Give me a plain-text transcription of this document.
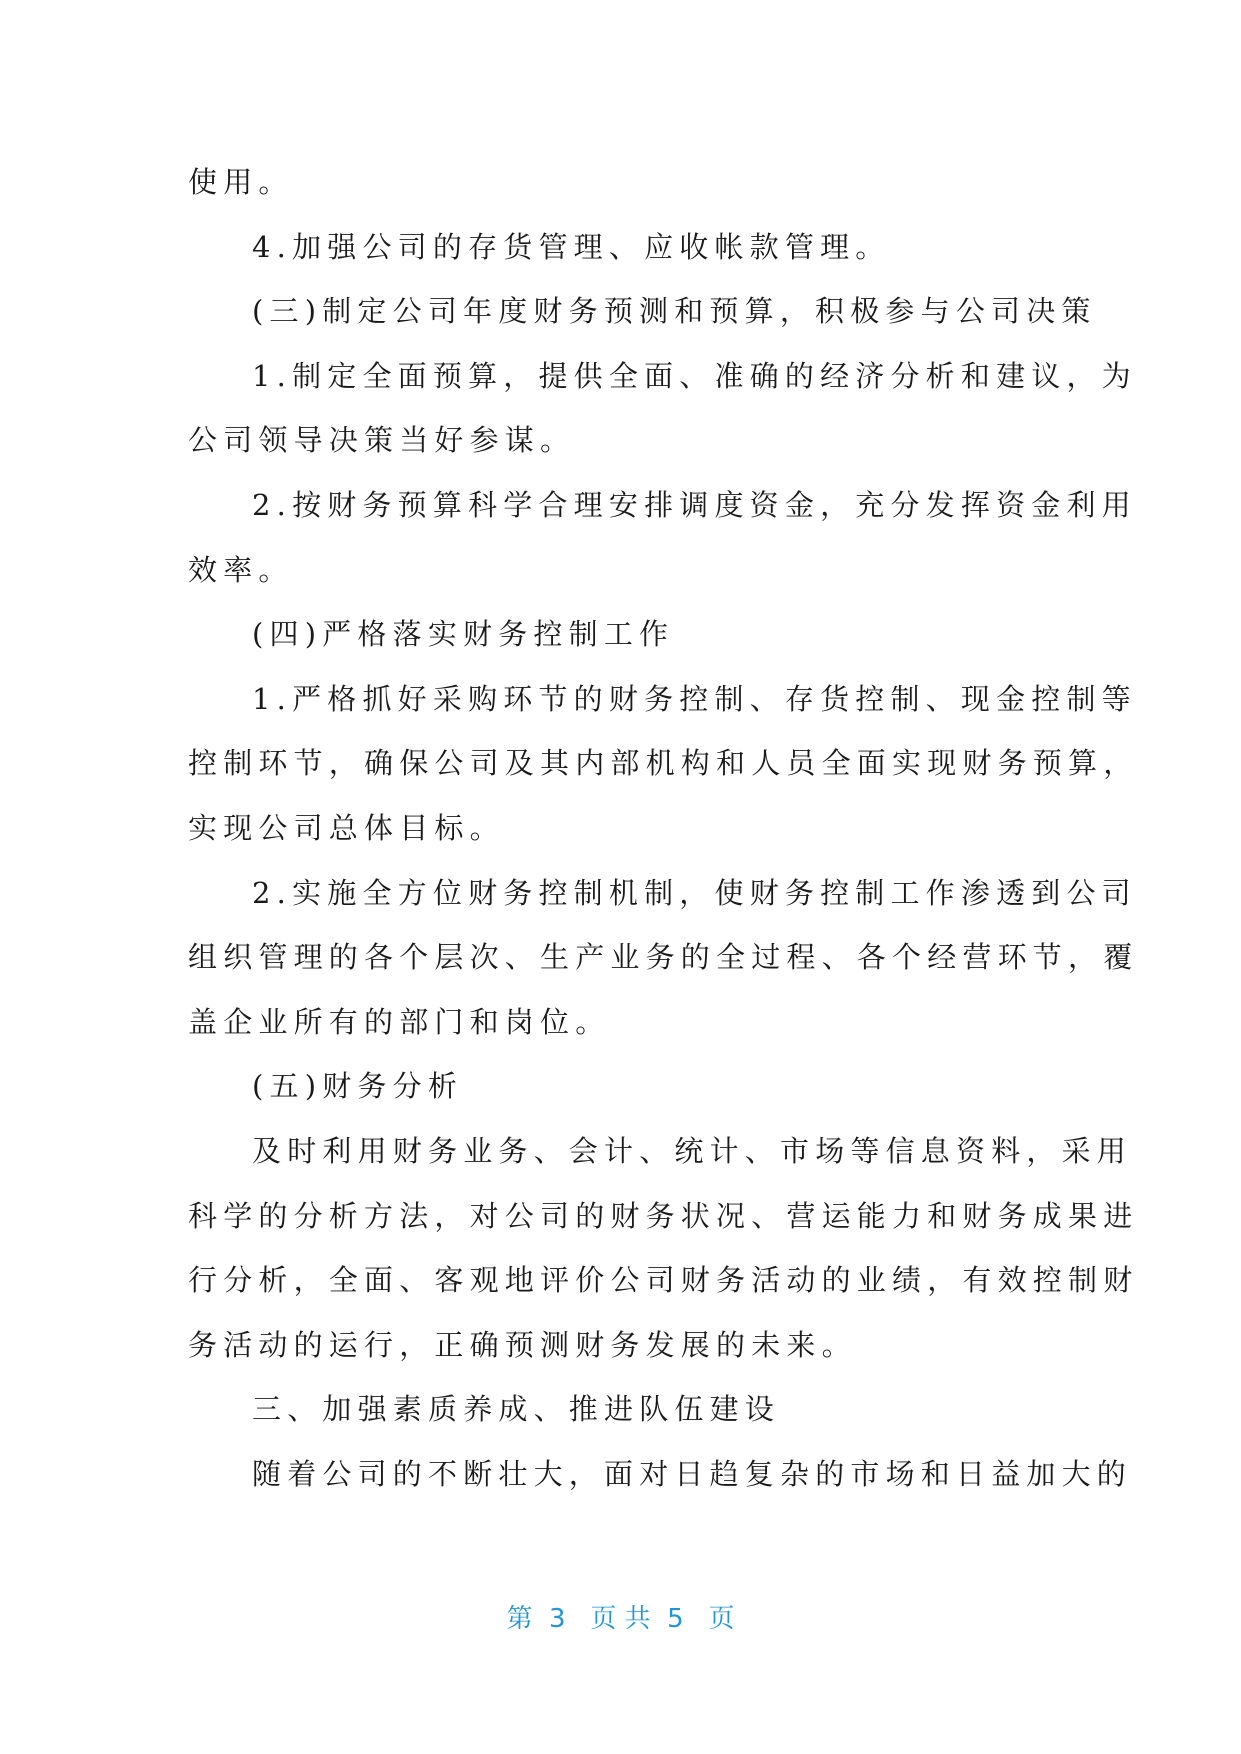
使用。
4.加强公司的存货管理、应收帐款管理。
(三)制定公司年度财务预测和预算，积极参与公司决策
1.制定全面预算，提供全面、准确的经济分析和建议，为
公司领导决策当好参谋。
2.按财务预算科学合理安排调度资金，充分发挥资金利用
效率。
(四)严格落实财务控制工作
1.严格抓好采购环节的财务控制、存货控制、现金控制等
控制环节，确保公司及其内部机构和人员全面实现财务预算，
实现公司总体目标。
2.实施全方位财务控制机制，使财务控制工作渗透到公司
组织管理的各个层次、生产业务的全过程、各个经营环节，覆
盖企业所有的部门和岗位。
(五)财务分析
及时利用财务业务、会计、统计、市场等信息资料，采用
科学的分析方法，对公司的财务状况、营运能力和财务成果进
行分析，全面、客观地评价公司财务活动的业绩，有效控制财
务活动的运行，正确预测财务发展的未来。
三、加强素质养成、推进队伍建设
随着公司的不断壮大，面对日趋复杂的市场和日益加大的
第  3   页 共  5   页
